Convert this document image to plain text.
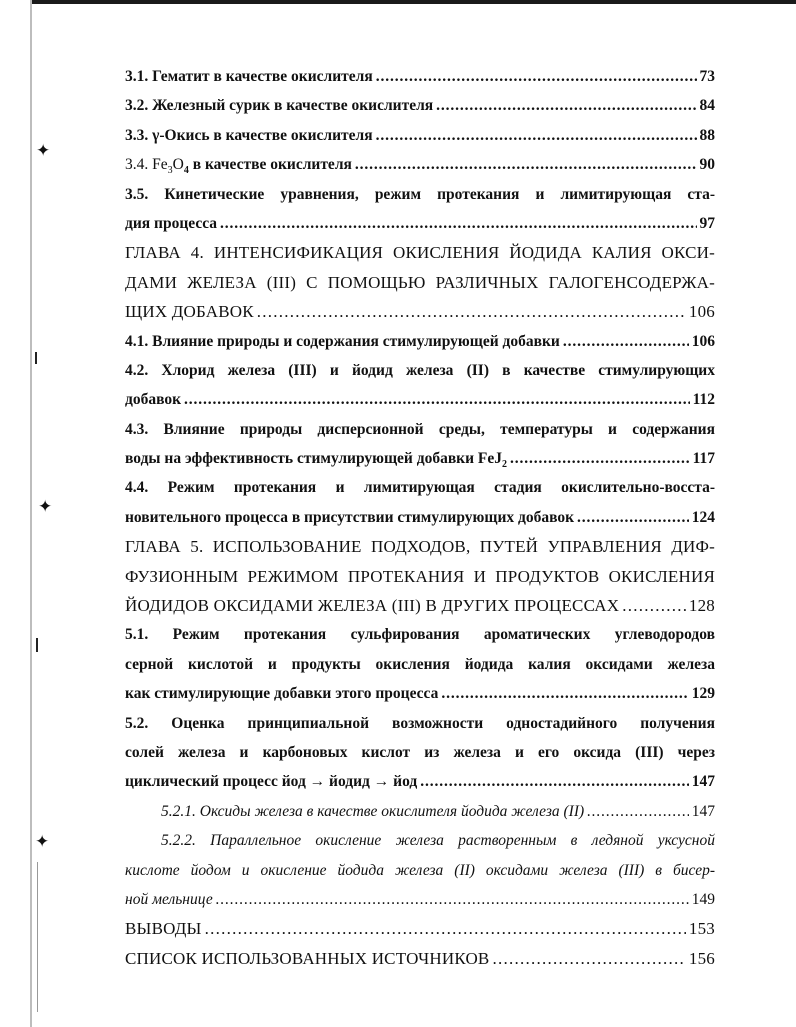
✦
✦
✦
3.1. Гематит в качестве окислителя . . .	73
3.2. Железный сурик в качестве окислителя . . .	84
3.3. γ-Окись в качестве окислителя . . .	88
3.4. $Fe_3O_4$ в качестве окислителя . . .	90
3.5. Кинетические уравнения, режим протекания и лимитирующая ста-
дия процесса . . .	97
ГЛАВА 4. ИНТЕНСИФИКАЦИЯ ОКИСЛЕНИЯ ЙОДИДА КАЛИЯ ОКСИ-
ДАМИ ЖЕЛЕЗА (III) С ПОМОЩЬЮ РАЗЛИЧНЫХ ГАЛОГЕНСОДЕРЖА-
ЩИХ ДОБАВОК . . .	106
4.1. Влияние природы и содержания стимулирующей добавки . . .	106
4.2. Хлорид железа (III) и йодид железа (II) в качестве стимулирующих
добавок . . .	112
4.3. Влияние природы дисперсионной среды, температуры и содержания
воды на эффективность стимулирующей добавки FeJ$_2$ . . .	117
4.4. Режим протекания и лимитирующая стадия окислительно-восста-
новительного процесса в присутствии стимулирующих добавок . . .	124
ГЛАВА 5. ИСПОЛЬЗОВАНИЕ ПОДХОДОВ, ПУТЕЙ УПРАВЛЕНИЯ ДИФ-
ФУЗИОННЫМ РЕЖИМОМ ПРОТЕКАНИЯ И ПРОДУКТОВ ОКИСЛЕНИЯ
ЙОДИДОВ ОКСИДАМИ ЖЕЛЕЗА (III) В ДРУГИХ ПРОЦЕССАХ . . .	128
5.1. Режим протекания сульфирования ароматических углеводородов
серной кислотой и продукты окисления йодида калия оксидами железа
как стимулирующие добавки этого процесса . . .	129
5.2. Оценка принципиальной возможности одностадийного получения
солей железа и карбоновых кислот из железа и его оксида (III) через
циклический процесс йод → йодид → йод . . .	147
5.2.1. Оксиды железа в качестве окислителя йодида железа (II) . . .	147
5.2.2. Параллельное окисление железа растворенным в ледяной уксусной
кислоте йодом и окисление йодида железа (II) оксидами железа (III) в бисер-
ной мельнице . . .	149
ВЫВОДЫ . . .	153
СПИСОК ИСПОЛЬЗОВАННЫХ ИСТОЧНИКОВ . . .	156
